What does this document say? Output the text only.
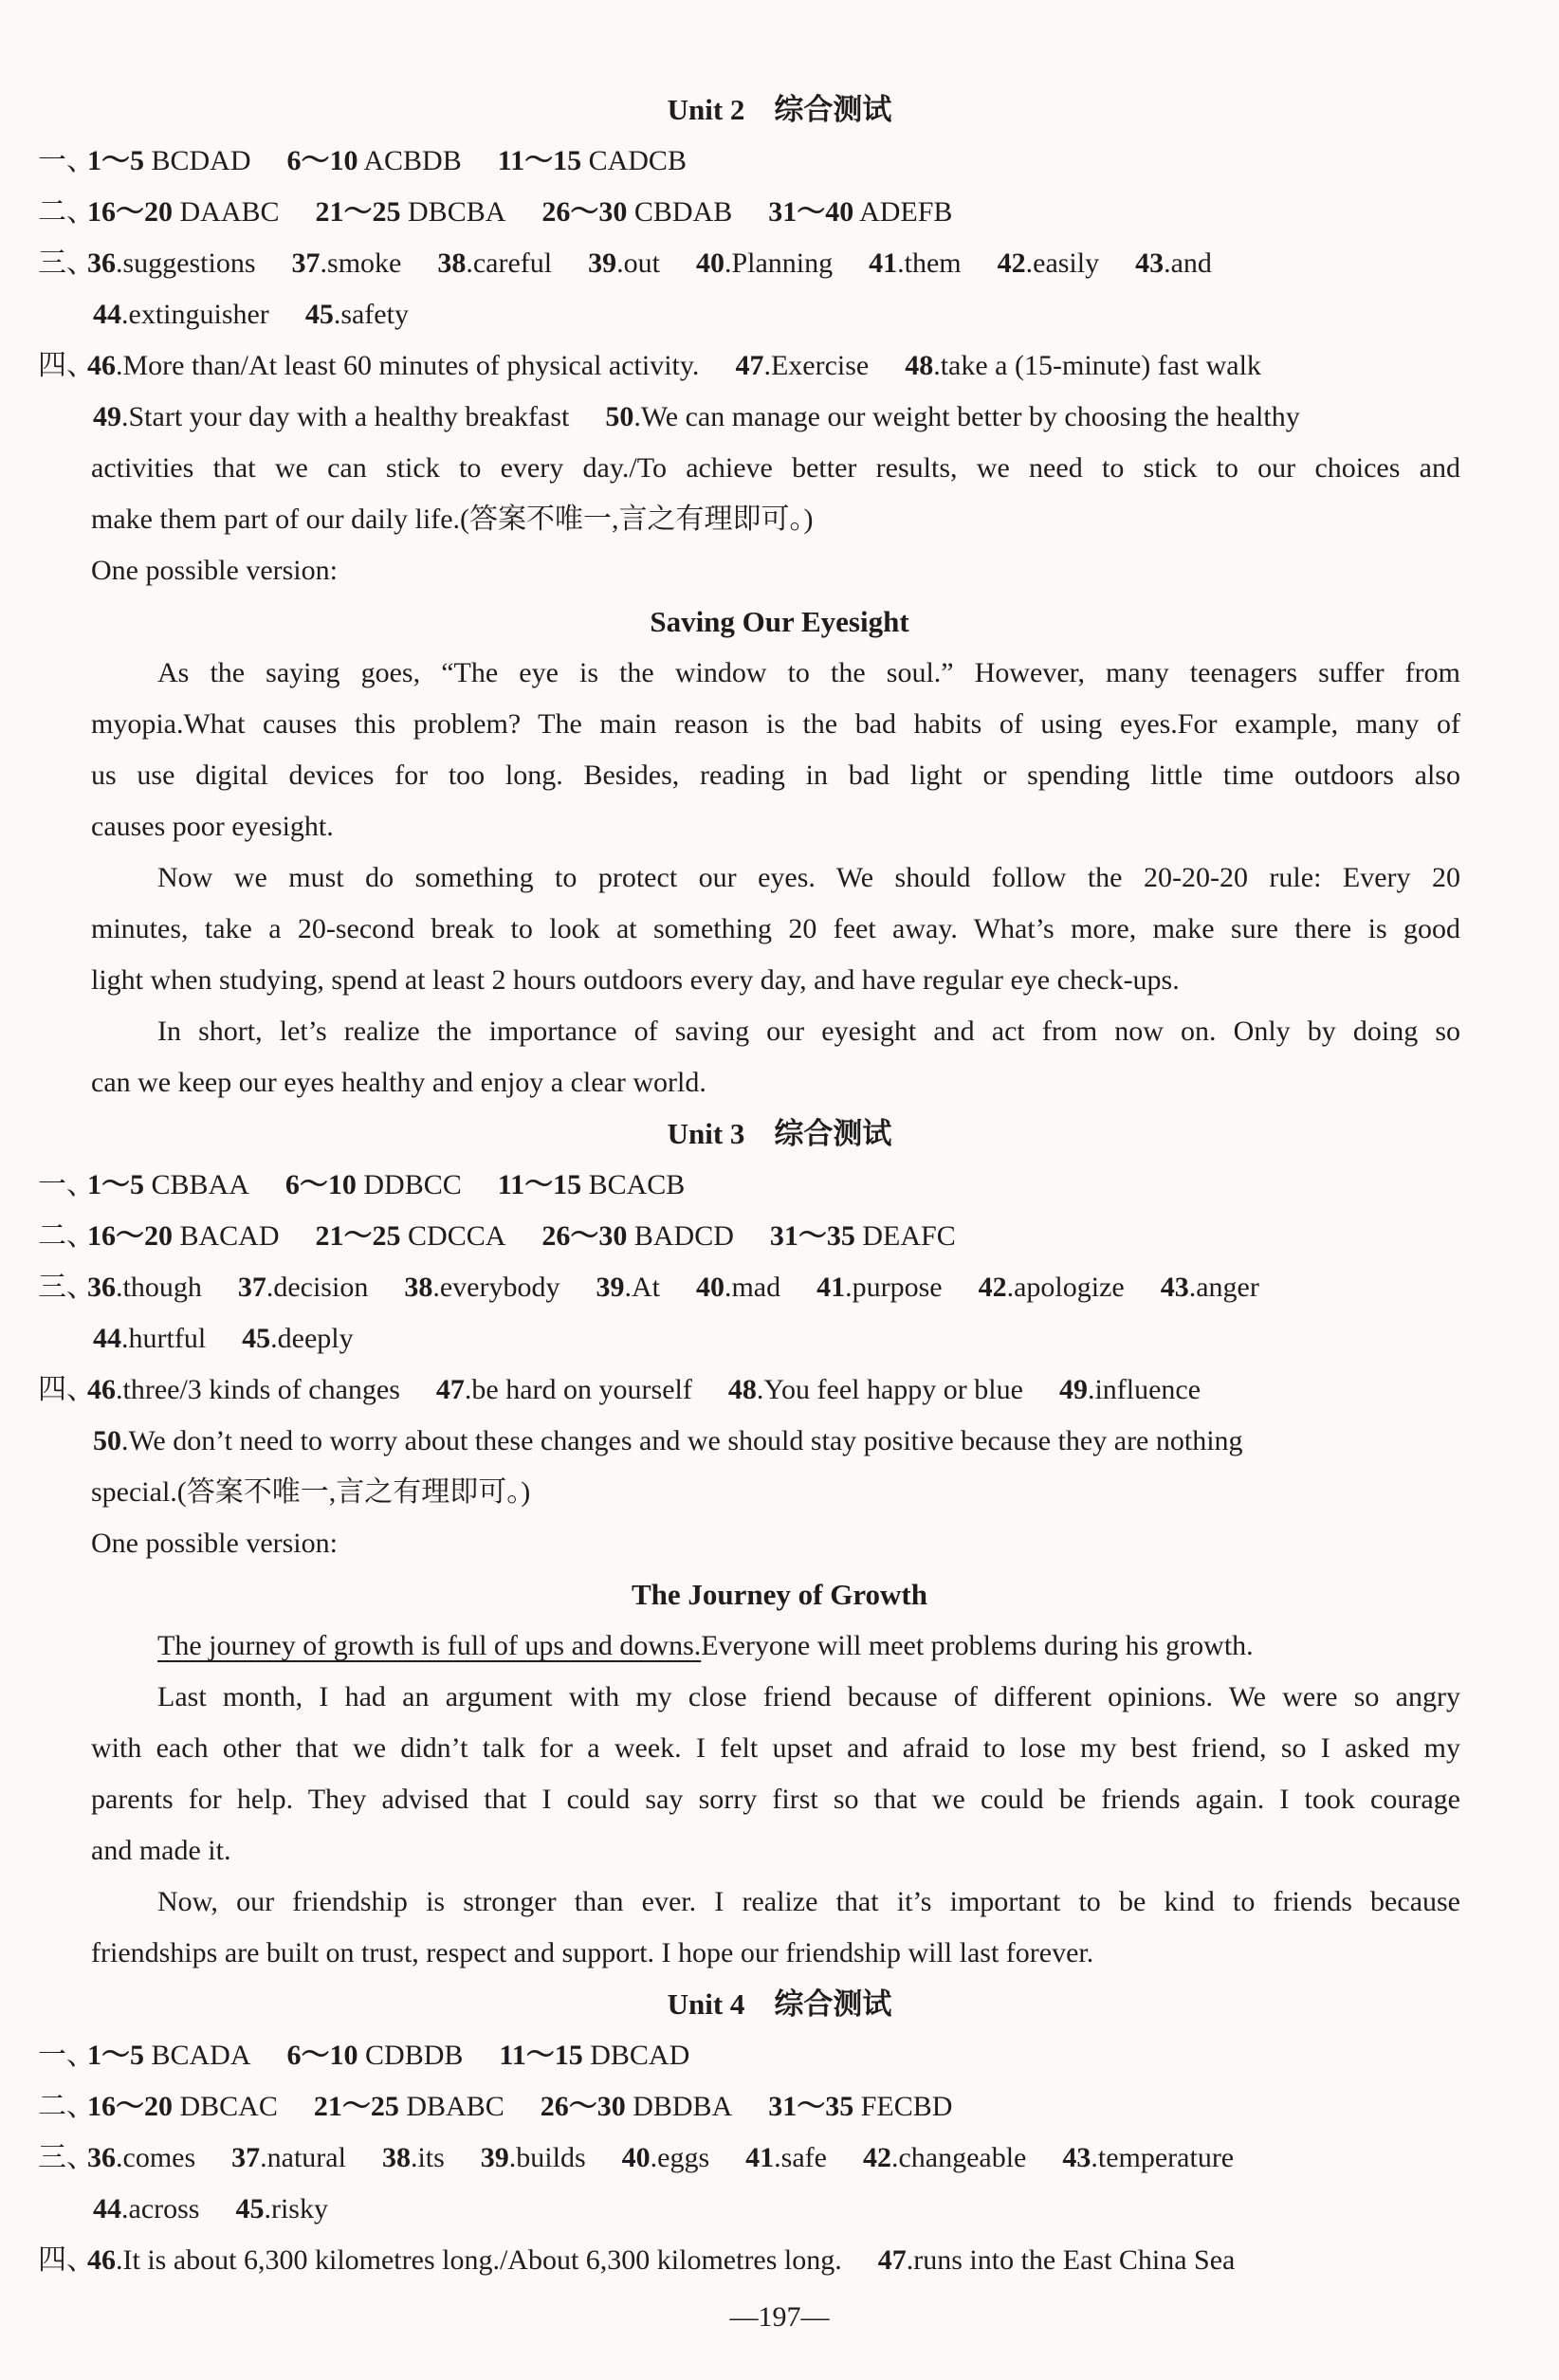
Unit 2　综合测试
一、1～5 BCDAD 6～10 ACBDB 11～15 CADCB
二、16～20 DAABC 21～25 DBCBA 26～30 CBDAB 31～40 ADEFB
三、36.suggestions 37.smoke 38.careful 39.out 40.Planning 41.them 42.easily 43.and
44.extinguisher 45.safety
四、46.More than/At least 60 minutes of physical activity. 47.Exercise 48.take a (15-minute) fast walk
49.Start your day with a healthy breakfast 50.We can manage our weight better by choosing the healthy
activities that we can stick to every day./To achieve better results, we need to stick to our choices and
make them part of our daily life.(答案不唯一,言之有理即可。)
One possible version:
Saving Our Eyesight
As the saying goes, “The eye is the window to the soul.” However, many teenagers suffer from
myopia.What causes this problem? The main reason is the bad habits of using eyes.For example, many of
us use digital devices for too long. Besides, reading in bad light or spending little time outdoors also
causes poor eyesight.
Now we must do something to protect our eyes. We should follow the 20-20-20 rule: Every 20
minutes, take a 20-second break to look at something 20 feet away. What’s more, make sure there is good
light when studying, spend at least 2 hours outdoors every day, and have regular eye check-ups.
In short, let’s realize the importance of saving our eyesight and act from now on. Only by doing so
can we keep our eyes healthy and enjoy a clear world.
Unit 3　综合测试
一、1～5 CBBAA 6～10 DDBCC 11～15 BCACB
二、16～20 BACAD 21～25 CDCCA 26～30 BADCD 31～35 DEAFC
三、36.though 37.decision 38.everybody 39.At 40.mad 41.purpose 42.apologize 43.anger
44.hurtful 45.deeply
四、46.three/3 kinds of changes 47.be hard on yourself 48.You feel happy or blue 49.influence
50.We don’t need to worry about these changes and we should stay positive because they are nothing
special.(答案不唯一,言之有理即可。)
One possible version:
The Journey of Growth
The journey of growth is full of ups and downs.Everyone will meet problems during his growth.
Last month, I had an argument with my close friend because of different opinions. We were so angry
with each other that we didn’t talk for a week. I felt upset and afraid to lose my best friend, so I asked my
parents for help. They advised that I could say sorry first so that we could be friends again. I took courage
and made it.
Now, our friendship is stronger than ever. I realize that it’s important to be kind to friends because
friendships are built on trust, respect and support. I hope our friendship will last forever.
Unit 4　综合测试
一、1～5 BCADA 6～10 CDBDB 11～15 DBCAD
二、16～20 DBCAC 21～25 DBABC 26～30 DBDBA 31～35 FECBD
三、36.comes 37.natural 38.its 39.builds 40.eggs 41.safe 42.changeable 43.temperature
44.across 45.risky
四、46.It is about 6,300 kilometres long./About 6,300 kilometres long. 47.runs into the East China Sea
—197—
